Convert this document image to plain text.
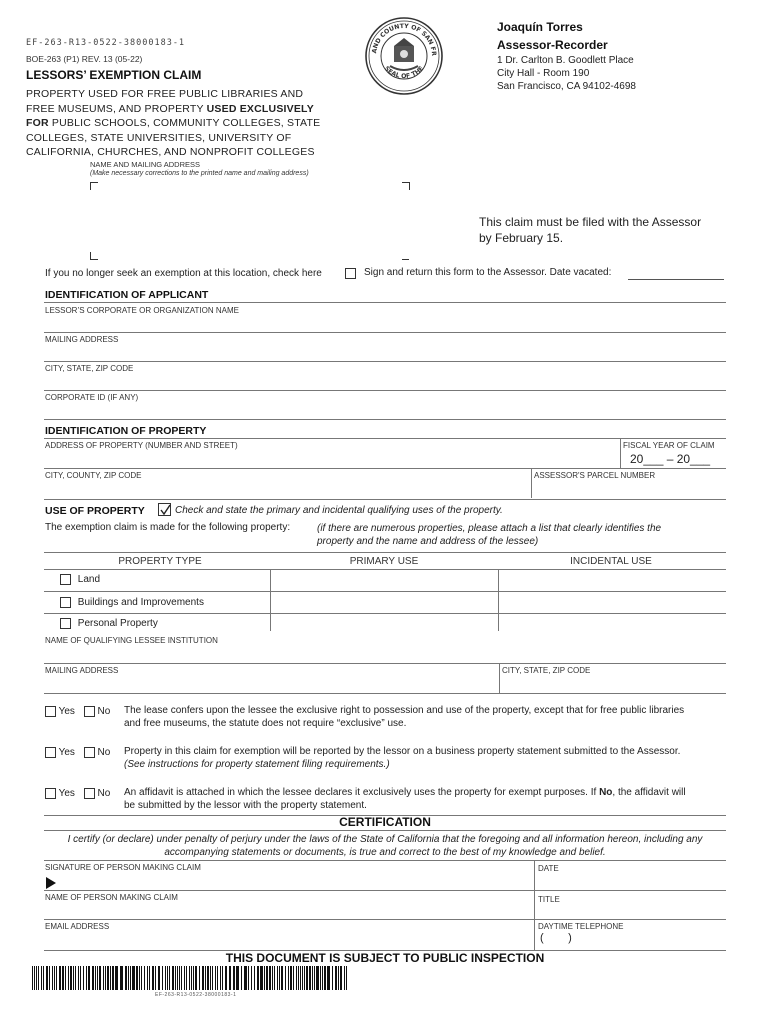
EF-263-R13-0522-38000183-1
BOE-263 (P1) REV. 13 (05-22)
LESSORS’ EXEMPTION CLAIM
PROPERTY USED FOR FREE PUBLIC LIBRARIES AND
FREE MUSEUMS, AND PROPERTY USED EXCLUSIVELY
FOR PUBLIC SCHOOLS, COMMUNITY COLLEGES, STATE
COLLEGES, STATE UNIVERSITIES, UNIVERSITY OF
CALIFORNIA, CHURCHES, AND NONPROFIT COLLEGES
AND COUNTY OF SAN FR
SEAL OF THE
Joaquín Torres
Assessor-Recorder
1 Dr. Carlton B. Goodlett Place
City Hall - Room 190
San Francisco, CA 94102-4698
NAME AND MAILING ADDRESS
(Make necessary corrections to the printed name and mailing address)
This claim must be filed with the Assessor
by February 15.
If you no longer seek an exemption at this location, check here	Sign and return this form to the Assessor. Date vacated:
IDENTIFICATION OF APPLICANT
LESSOR’S CORPORATE OR ORGANIZATION NAME
MAILING ADDRESS
CITY, STATE, ZIP CODE
CORPORATE ID (IF ANY)
IDENTIFICATION OF PROPERTY
ADDRESS OF PROPERTY (NUMBER AND STREET)	FISCAL YEAR OF CLAIM
20___ – 20___
CITY, COUNTY, ZIP CODE	ASSESSOR'S PARCEL NUMBER
USE OF PROPERTY	Check and state the primary and incidental qualifying uses of the property.
The exemption claim is made for the following property:	(if there are numerous properties, please attach a list that clearly identifies the
property and the name and address of the lessee)
PROPERTY TYPE	PRIMARY USE	INCIDENTAL USE
Land
Buildings and Improvements
Personal Property
NAME OF QUALIFYING LESSEE INSTITUTION
MAILING ADDRESS	CITY, STATE, ZIP CODE
Yes No The lease confers upon the lessee the exclusive right to possession and use of the property, except that for free public libraries
and free museums, the statute does not require “exclusive” use.
Yes No Property in this claim for exemption will be reported by the lessor on a business property statement submitted to the Assessor.
(See instructions for property statement filing requirements.)
Yes No An affidavit is attached in which the lessee declares it exclusively uses the property for exempt purposes. If No, the affidavit will
be submitted by the lessor with the property statement.
CERTIFICATION
I certify (or declare) under penalty of perjury under the laws of the State of California that the foregoing and all information hereon, including any
accompanying statements or documents, is true and correct to the best of my knowledge and belief.
SIGNATURE OF PERSON MAKING CLAIM	DATE
NAME OF PERSON MAKING CLAIM	TITLE
EMAIL ADDRESS	DAYTIME TELEPHONE
(        )
THIS DOCUMENT IS SUBJECT TO PUBLIC INSPECTION
EF-263-R13-0522-38000183-1
